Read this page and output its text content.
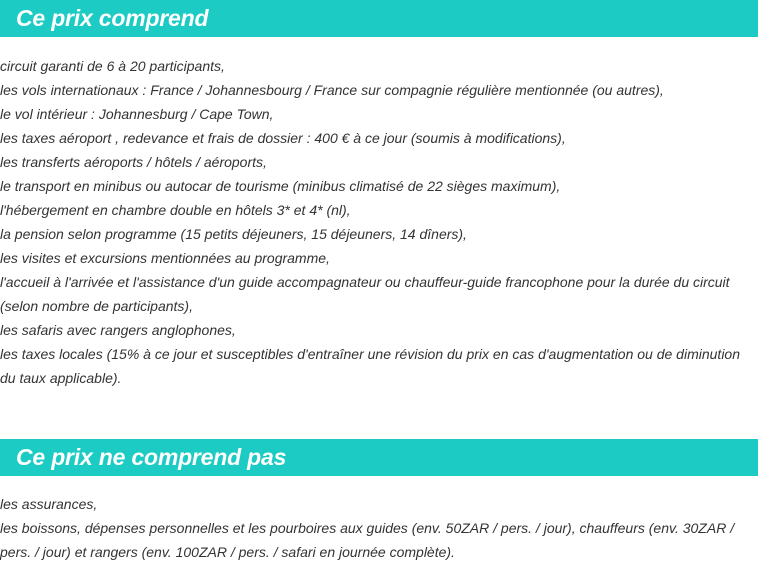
Ce prix comprend
circuit garanti de 6 à 20 participants,
les vols internationaux : France / Johannesbourg / France sur compagnie régulière mentionnée (ou autres),
le vol intérieur : Johannesburg / Cape Town,
les taxes aéroport , redevance et frais de dossier : 400 € à ce jour (soumis à modifications),
les transferts aéroports / hôtels / aéroports,
le transport en minibus ou autocar de tourisme (minibus climatisé de 22 sièges maximum),
l'hébergement en chambre double en hôtels 3* et 4* (nl),
la pension selon programme (15 petits déjeuners, 15 déjeuners, 14 dîners),
les visites et excursions mentionnées au programme,
l'accueil à l'arrivée et l'assistance d'un guide accompagnateur ou chauffeur-guide francophone pour la durée du circuit (selon nombre de participants),
les safaris avec rangers anglophones,
les taxes locales (15% à ce jour et susceptibles d'entraîner une révision du prix en cas d'augmentation ou de diminution du taux applicable).
Ce prix ne comprend pas
les assurances,
les boissons, dépenses personnelles et les pourboires aux guides (env. 50ZAR / pers. / jour), chauffeurs (env. 30ZAR / pers. / jour) et rangers (env. 100ZAR / pers. / safari en journée complète).
